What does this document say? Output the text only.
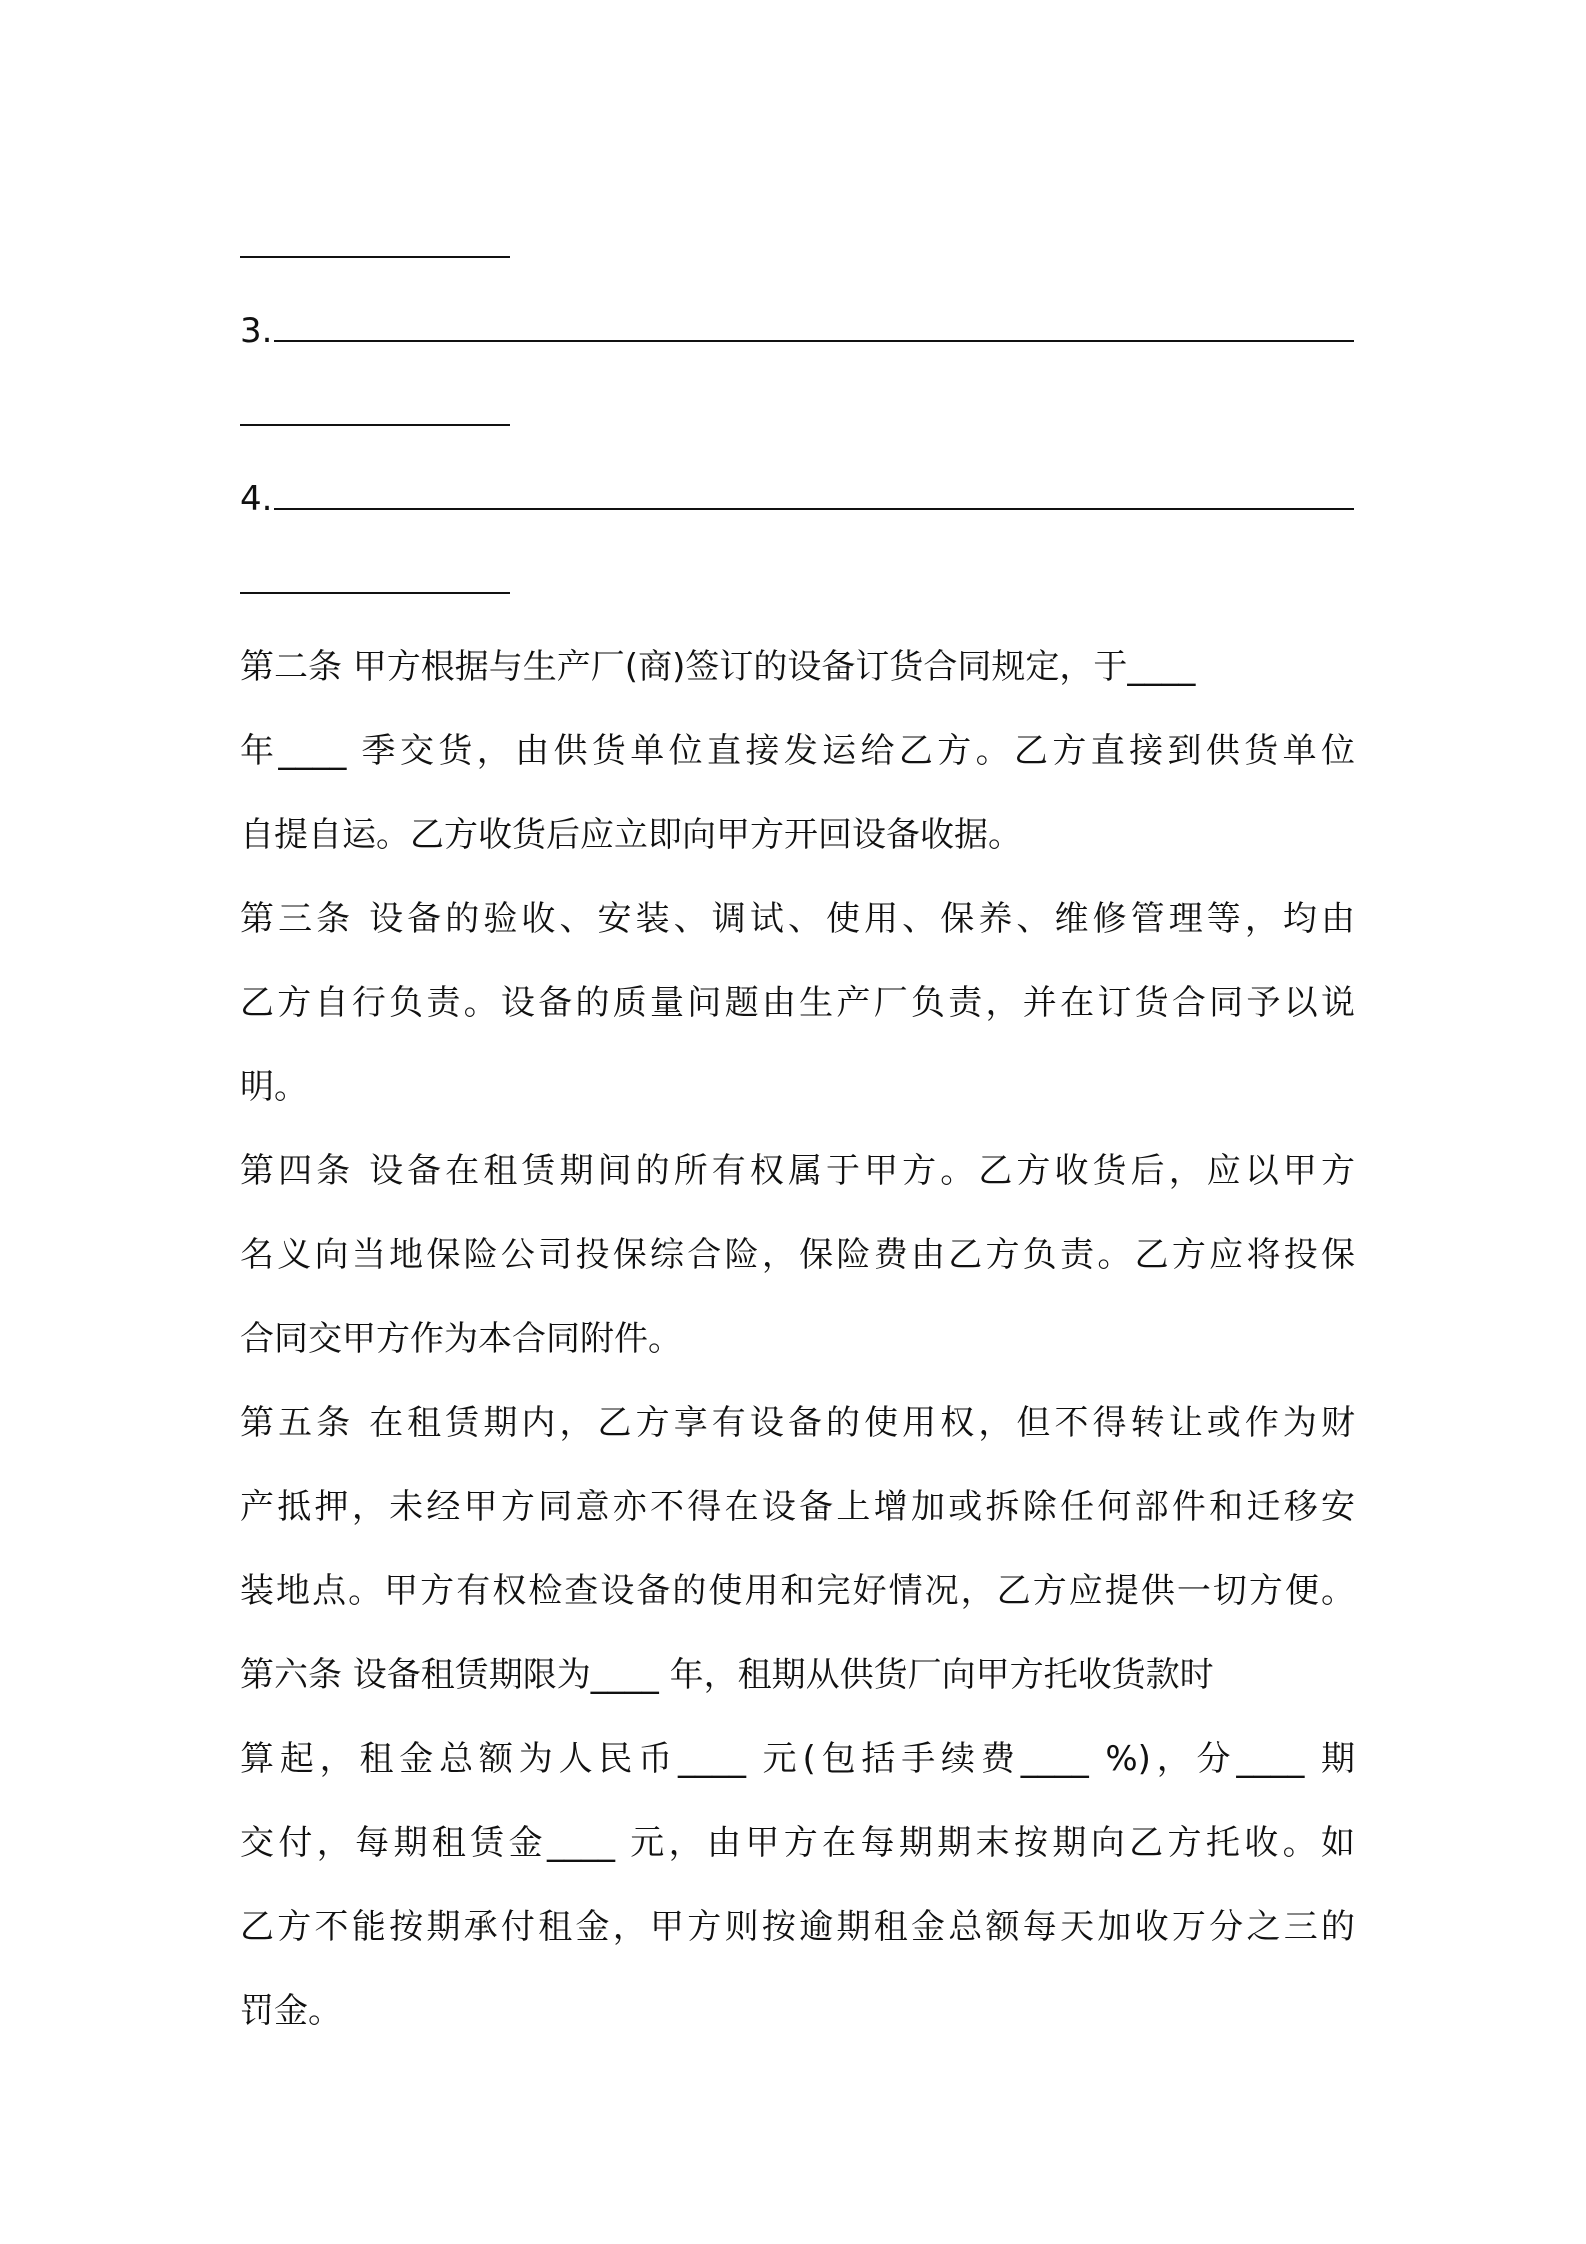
3.
4.
第二条 甲方根据与生产厂(商)签订的设备订货合同规定，于____
年____ 季交货，由供货单位直接发运给乙方。乙方直接到供货单位
自提自运。乙方收货后应立即向甲方开回设备收据。
第三条 设备的验收、安装、调试、使用、保养、维修管理等，均由
乙方自行负责。设备的质量问题由生产厂负责，并在订货合同予以说
明。
第四条 设备在租赁期间的所有权属于甲方。乙方收货后，应以甲方
名义向当地保险公司投保综合险，保险费由乙方负责。乙方应将投保
合同交甲方作为本合同附件。
第五条 在租赁期内，乙方享有设备的使用权，但不得转让或作为财
产抵押，未经甲方同意亦不得在设备上增加或拆除任何部件和迁移安
装地点。甲方有权检查设备的使用和完好情况，乙方应提供一切方便。
第六条 设备租赁期限为____ 年，租期从供货厂向甲方托收货款时
算起，租金总额为人民币____ 元(包括手续费____ %)，分____ 期
交付，每期租赁金____ 元，由甲方在每期期末按期向乙方托收。如
乙方不能按期承付租金，甲方则按逾期租金总额每天加收万分之三的
罚金。
